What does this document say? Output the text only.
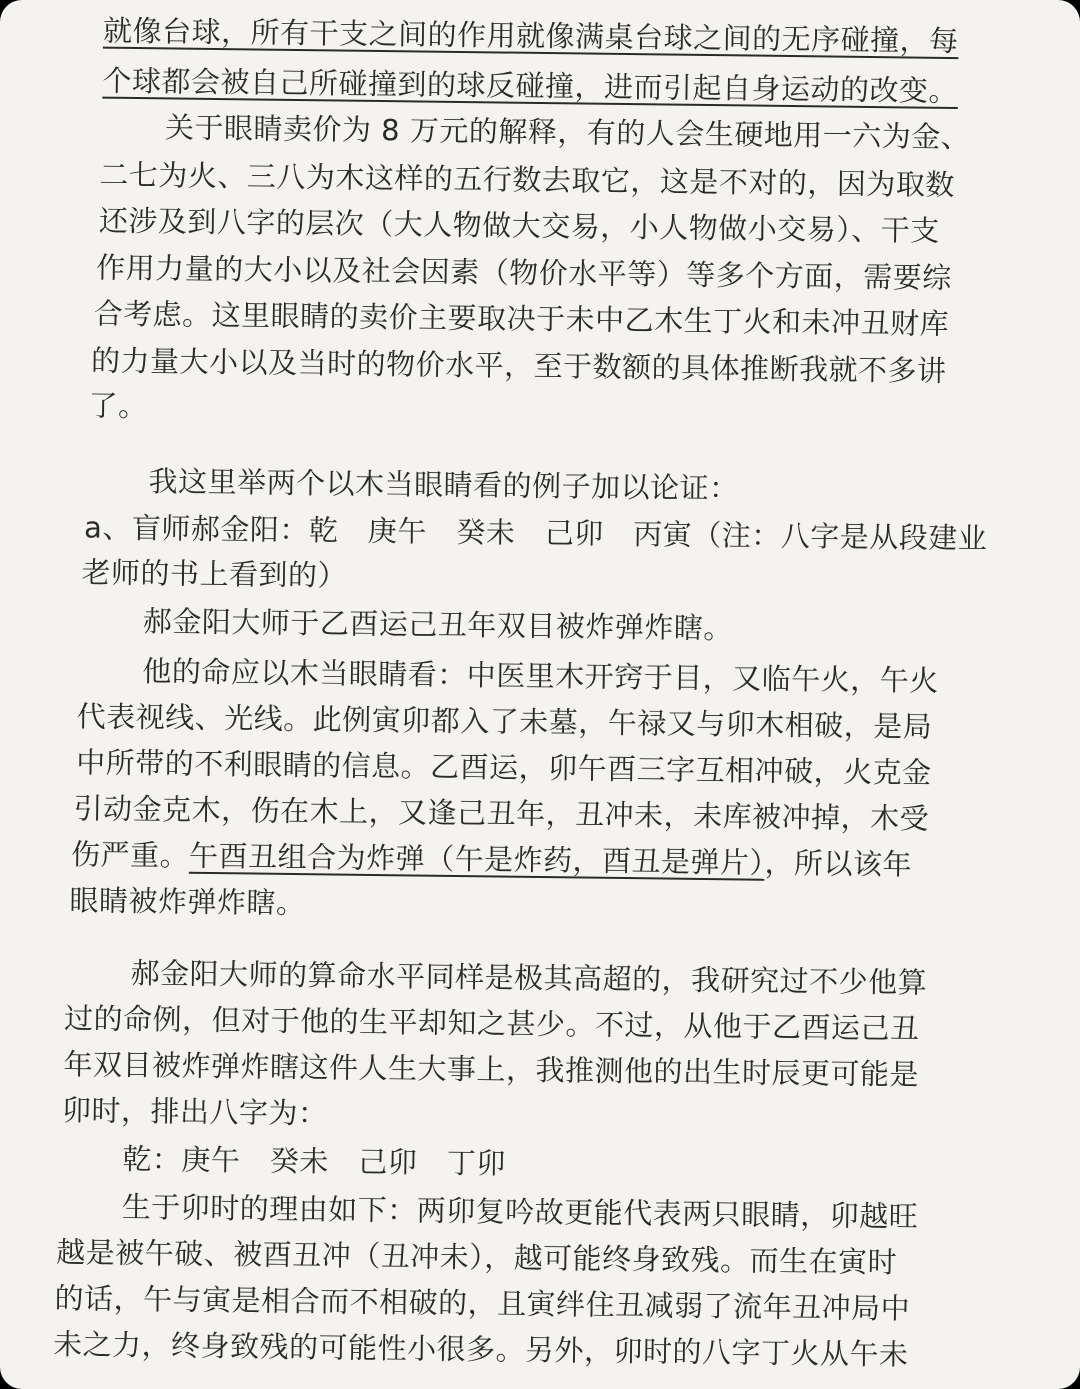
就像台球，所有干支之间的作用就像满桌台球之间的无序碰撞，每
个球都会被自己所碰撞到的球反碰撞，进而引起自身运动的改变。
关于眼睛卖价为 8 万元的解释，有的人会生硬地用一六为金、
二七为火、三八为木这样的五行数去取它，这是不对的，因为取数
还涉及到八字的层次（大人物做大交易，小人物做小交易）、干支
作用力量的大小以及社会因素（物价水平等）等多个方面，需要综
合考虑。这里眼睛的卖价主要取决于未中乙木生丁火和未冲丑财库
的力量大小以及当时的物价水平，至于数额的具体推断我就不多讲
了。
我这里举两个以木当眼睛看的例子加以论证：
a、盲师郝金阳：乾　庚午　癸未　己卯　丙寅（注：八字是从段建业
老师的书上看到的）
郝金阳大师于乙酉运己丑年双目被炸弹炸瞎。
他的命应以木当眼睛看：中医里木开窍于目，又临午火，午火
代表视线、光线。此例寅卯都入了未墓，午禄又与卯木相破，是局
中所带的不利眼睛的信息。乙酉运，卯午酉三字互相冲破，火克金
引动金克木，伤在木上，又逢己丑年，丑冲未，未库被冲掉，木受
伤严重。午酉丑组合为炸弹（午是炸药，酉丑是弹片），所以该年
眼睛被炸弹炸瞎。
郝金阳大师的算命水平同样是极其高超的，我研究过不少他算
过的命例，但对于他的生平却知之甚少。不过，从他于乙酉运己丑
年双目被炸弹炸瞎这件人生大事上，我推测他的出生时辰更可能是
卯时，排出八字为：
乾：庚午　癸未　己卯　丁卯
生于卯时的理由如下：两卯复吟故更能代表两只眼睛，卯越旺
越是被午破、被酉丑冲（丑冲未），越可能终身致残。而生在寅时
的话，午与寅是相合而不相破的，且寅绊住丑减弱了流年丑冲局中
未之力，终身致残的可能性小很多。另外，卯时的八字丁火从午未
